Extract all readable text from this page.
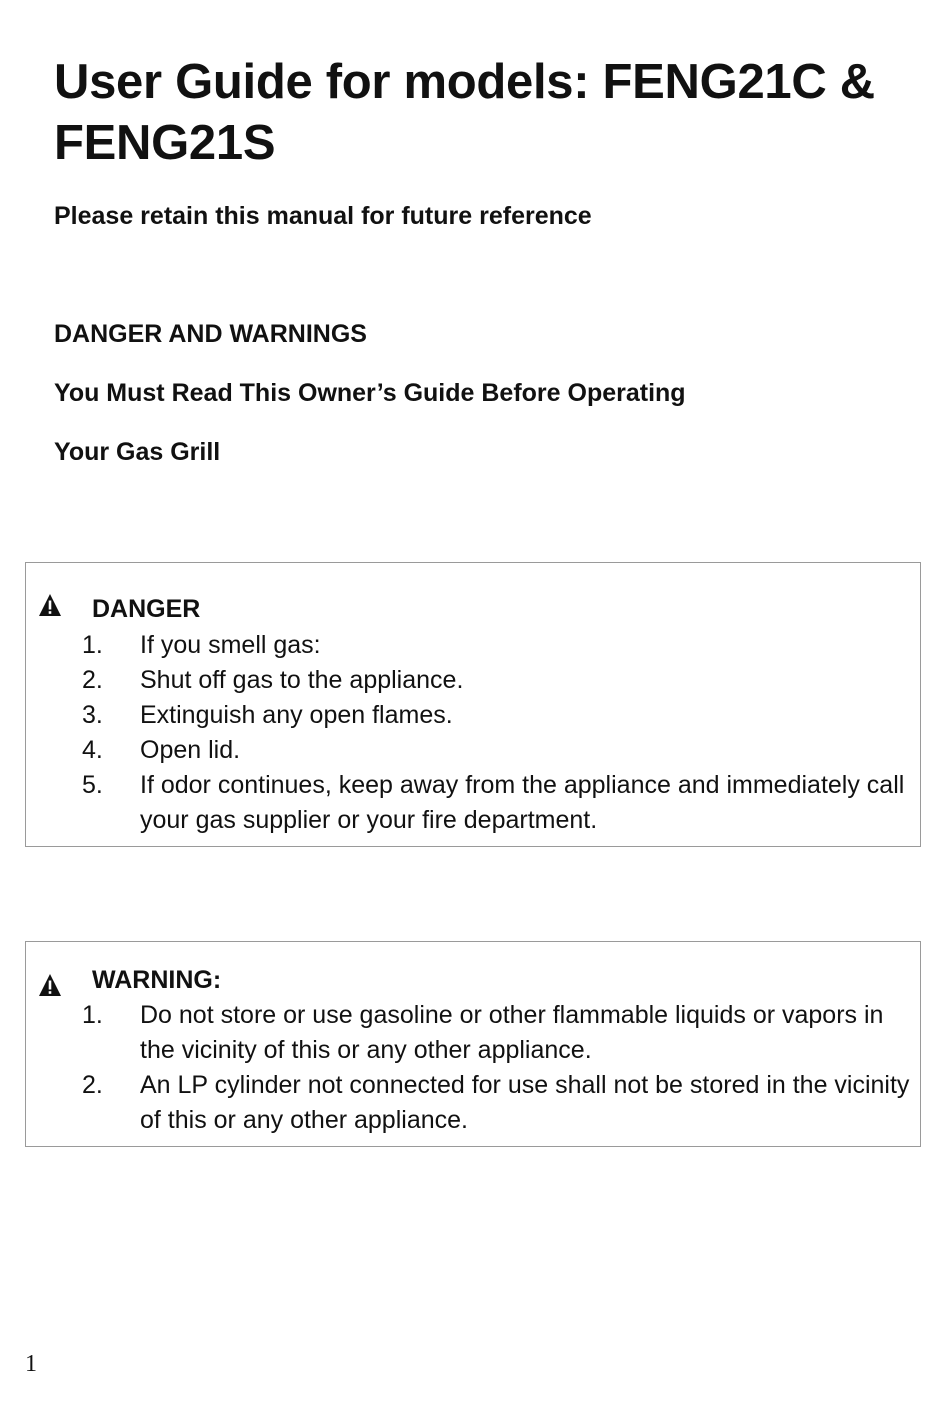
User Guide for models: FENG21C & FENG21S

Please retain this manual for future reference

DANGER AND WARNINGS

You Must Read This Owner’s Guide Before Operating

Your Gas Grill

DANGER

1. If you smell gas:
2. Shut off gas to the appliance.
3. Extinguish any open flames.
4. Open lid.
5. If odor continues, keep away from the appliance and immediately call your gas supplier or your fire department.

WARNING:

1. Do not store or use gasoline or other flammable liquids or vapors in the vicinity of this or any other appliance.
2. An LP cylinder not connected for use shall not be stored in the vicinity of this or any other appliance.
1
